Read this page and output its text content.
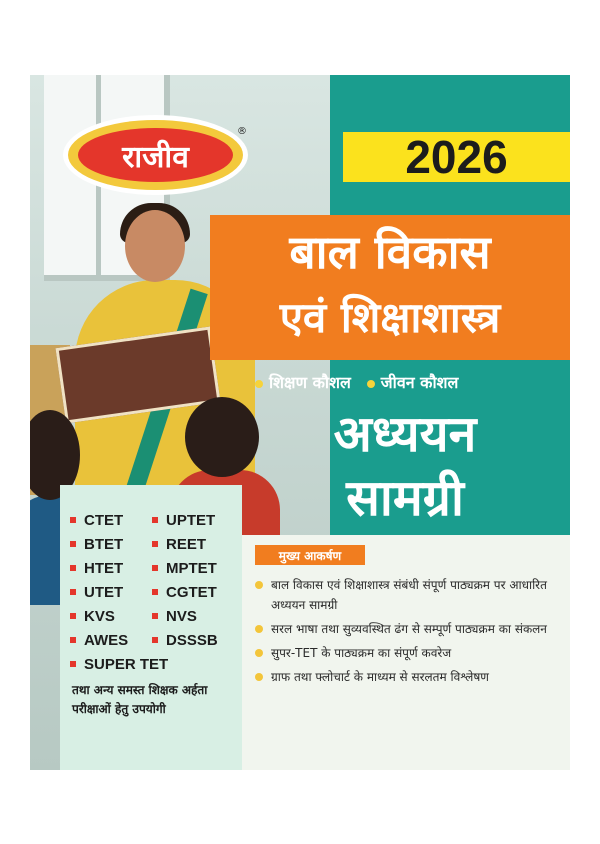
राजीव
®	2026
बाल विकास
एवं शिक्षाशास्त्र
शिक्षण कौशल	जीवन कौशल
अध्ययन
सामग्री
CTET	UPTET
BTET	REET
HTET	MPTET
UTET	CGTET
KVS	NVS
AWES	DSSSB
SUPER TET
तथा अन्य समस्त शिक्षक अर्हता परीक्षाओं हेतु उपयोगी
मुख्य आकर्षण
बाल विकास एवं शिक्षाशास्त्र संबंधी संपूर्ण पाठ्यक्रम पर आधारित अध्ययन सामग्री
सरल भाषा तथा सुव्यवस्थित ढंग से सम्पूर्ण पाठ्यक्रम का संकलन
सुपर-TET के पाठ्यक्रम का संपूर्ण कवरेज
ग्राफ तथा फ्लोचार्ट के माध्यम से सरलतम विश्लेषण
